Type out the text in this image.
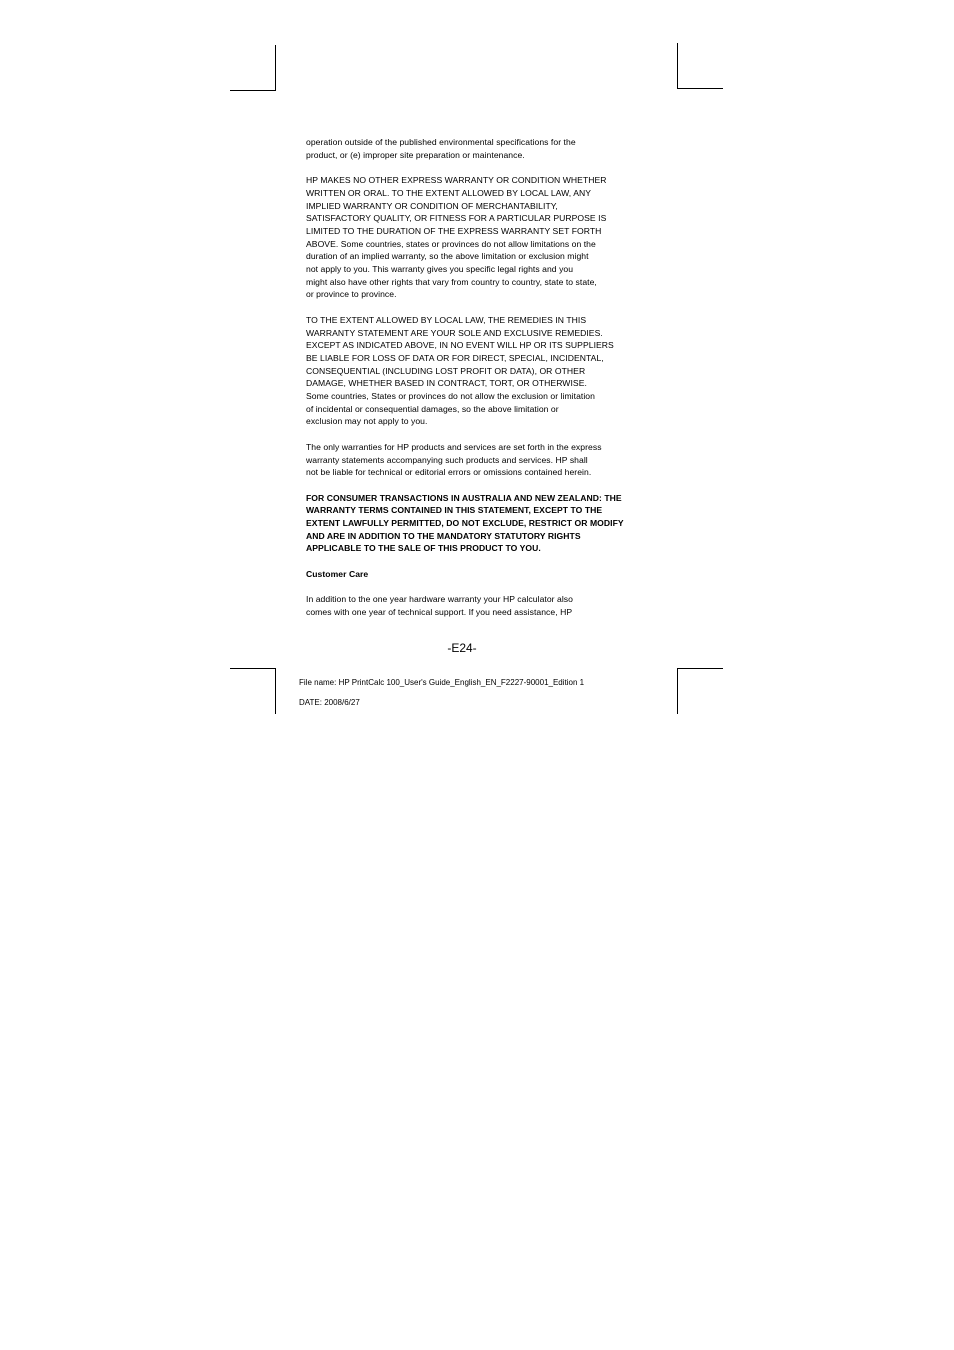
operation outside of the published environmental specifications for the
product, or (e) improper site preparation or maintenance.

HP MAKES NO OTHER EXPRESS WARRANTY OR CONDITION WHETHER
WRITTEN OR ORAL. TO THE EXTENT ALLOWED BY LOCAL LAW, ANY
IMPLIED WARRANTY OR CONDITION OF MERCHANTABILITY,
SATISFACTORY QUALITY, OR FITNESS FOR A PARTICULAR PURPOSE IS
LIMITED TO THE DURATION OF THE EXPRESS WARRANTY SET FORTH
ABOVE. Some countries, states or provinces do not allow limitations on the
duration of an implied warranty, so the above limitation or exclusion might
not apply to you. This warranty gives you specific legal rights and you
might also have other rights that vary from country to country, state to state,
or province to province.

TO THE EXTENT ALLOWED BY LOCAL LAW, THE REMEDIES IN THIS
WARRANTY STATEMENT ARE YOUR SOLE AND EXCLUSIVE REMEDIES.
EXCEPT AS INDICATED ABOVE, IN NO EVENT WILL HP OR ITS SUPPLIERS
BE LIABLE FOR LOSS OF DATA OR FOR DIRECT, SPECIAL, INCIDENTAL,
CONSEQUENTIAL (INCLUDING LOST PROFIT OR DATA), OR OTHER
DAMAGE, WHETHER BASED IN CONTRACT, TORT, OR OTHERWISE.
Some countries, States or provinces do not allow the exclusion or limitation
of incidental or consequential damages, so the above limitation or
exclusion may not apply to you.

The only warranties for HP products and services are set forth in the express
warranty statements accompanying such products and services. HP shall
not be liable for technical or editorial errors or omissions contained herein.

FOR CONSUMER TRANSACTIONS IN AUSTRALIA AND NEW ZEALAND: THE
WARRANTY TERMS CONTAINED IN THIS STATEMENT, EXCEPT TO THE
EXTENT LAWFULLY PERMITTED, DO NOT EXCLUDE, RESTRICT OR MODIFY
AND ARE IN ADDITION TO THE MANDATORY STATUTORY RIGHTS
APPLICABLE TO THE SALE OF THIS PRODUCT TO YOU.

Customer Care

In addition to the one year hardware warranty your HP calculator also
comes with one year of technical support. If you need assistance, HP

-E24-
File name: HP PrintCalc 100_User's Guide_English_EN_F2227-90001_Edition 1
DATE: 2008/6/27
